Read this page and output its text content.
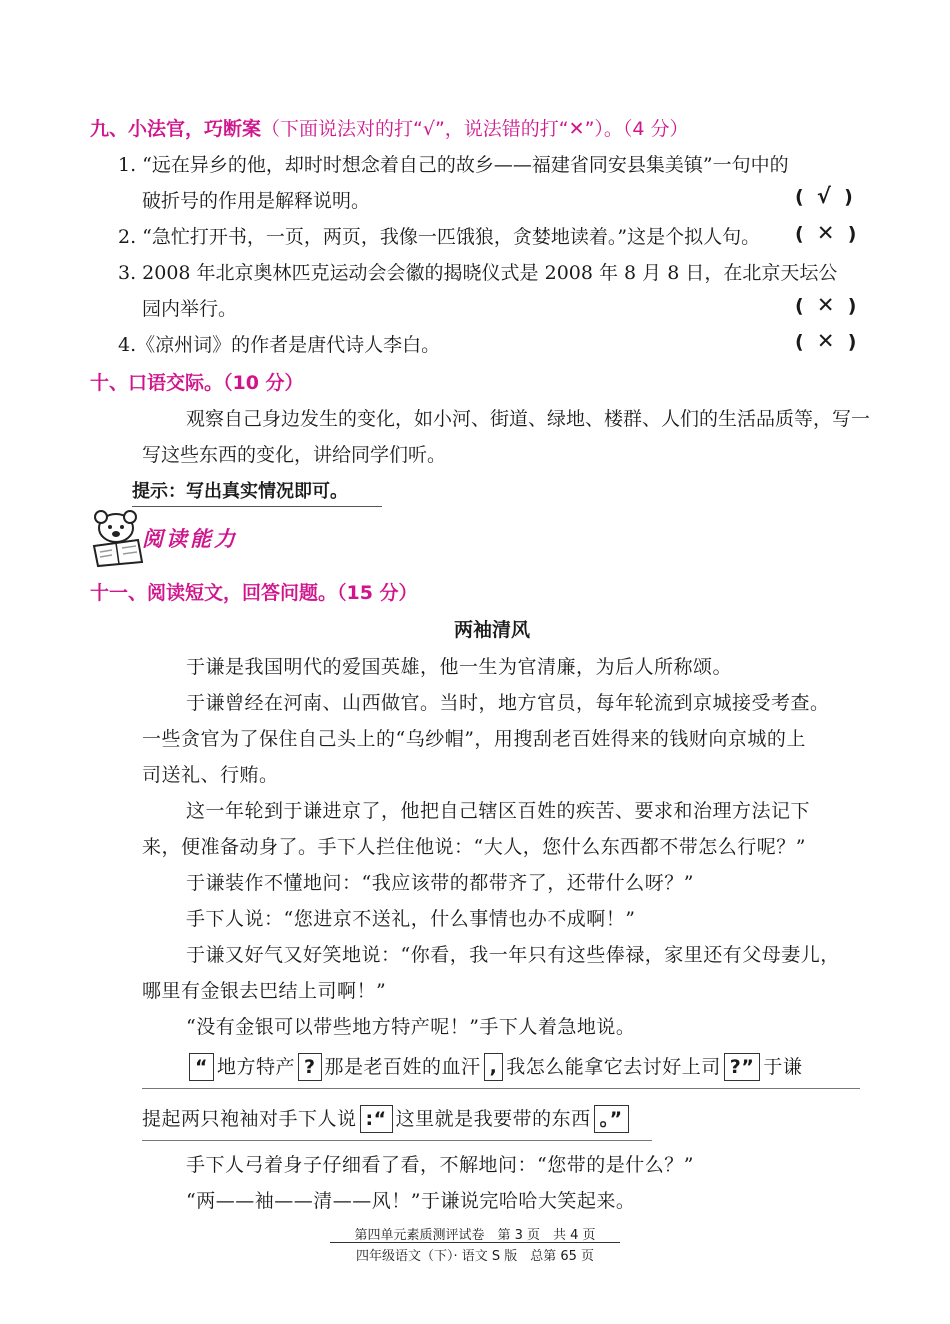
九、小法官，巧断案（下面说法对的打“√”，说法错的打“✕”）。（4 分）
1. “远在异乡的他，却时时想念着自己的故乡——福建省同安县集美镇”一句中的
破折号的作用是解释说明。	( √ )
2. “急忙打开书，一页，两页，我像一匹饿狼，贪婪地读着。”这是个拟人句。 ( ✕ )
3. 2008 年北京奥林匹克运动会会徽的揭晓仪式是 2008 年 8 月 8 日，在北京天坛公
园内举行。	( ✕ )
4.《凉州词》的作者是唐代诗人李白。	( ✕ )
十、口语交际。（10 分）
观察自己身边发生的变化，如小河、街道、绿地、楼群、人们的生活品质等，写一
写这些东西的变化，讲给同学们听。
提示：写出真实情况即可。
阅读能力
十一、阅读短文，回答问题。（15 分）
两袖清风
于谦是我国明代的爱国英雄，他一生为官清廉，为后人所称颂。
于谦曾经在河南、山西做官。当时，地方官员，每年轮流到京城接受考查。
一些贪官为了保住自己头上的“乌纱帽”，用搜刮老百姓得来的钱财向京城的上
司送礼、行贿。
这一年轮到于谦进京了，他把自己辖区百姓的疾苦、要求和治理方法记下
来，便准备动身了。手下人拦住他说：“大人，您什么东西都不带怎么行呢？”
于谦装作不懂地问：“我应该带的都带齐了，还带什么呀？”
手下人说：“您进京不送礼，什么事情也办不成啊！”
于谦又好气又好笑地说：“你看，我一年只有这些俸禄，家里还有父母妻儿，
哪里有金银去巴结上司啊！”
“没有金银可以带些地方特产呢！”手下人着急地说。
“ 地方特产 ? 那是老百姓的血汗 , 我怎么能拿它去讨好上司 ?” 于谦
提起两只袍袖对手下人说 :“ 这里就是我要带的东西 。”
手下人弓着身子仔细看了看，不解地问：“您带的是什么？”
“两——袖——清——风！”于谦说完哈哈大笑起来。
第四单元素质测评试卷　第 3 页　共 4 页
四年级语文（下）· 语文 S 版　总第 65 页
